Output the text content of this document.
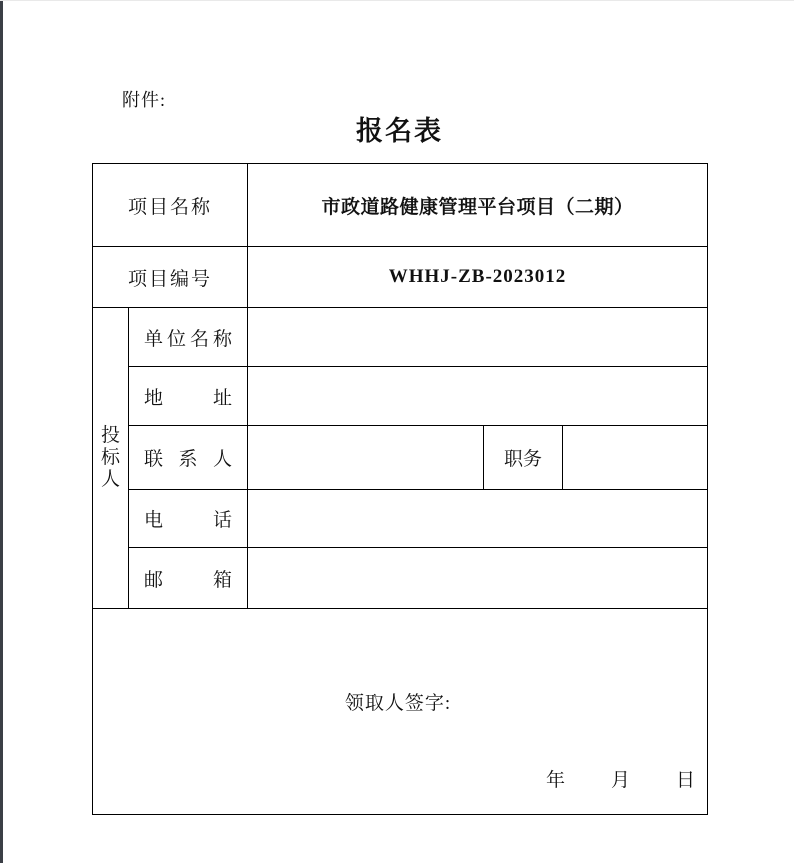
附件:
报名表
项目名称		市政道路健康管理平台项目（二期）		
项目编号		WHHJ-ZB-2023012		

投
标
人	单位名称			

	地址			

	联系人		职务	

	电话			

	邮箱			

领取人签字:
年 月 日				
